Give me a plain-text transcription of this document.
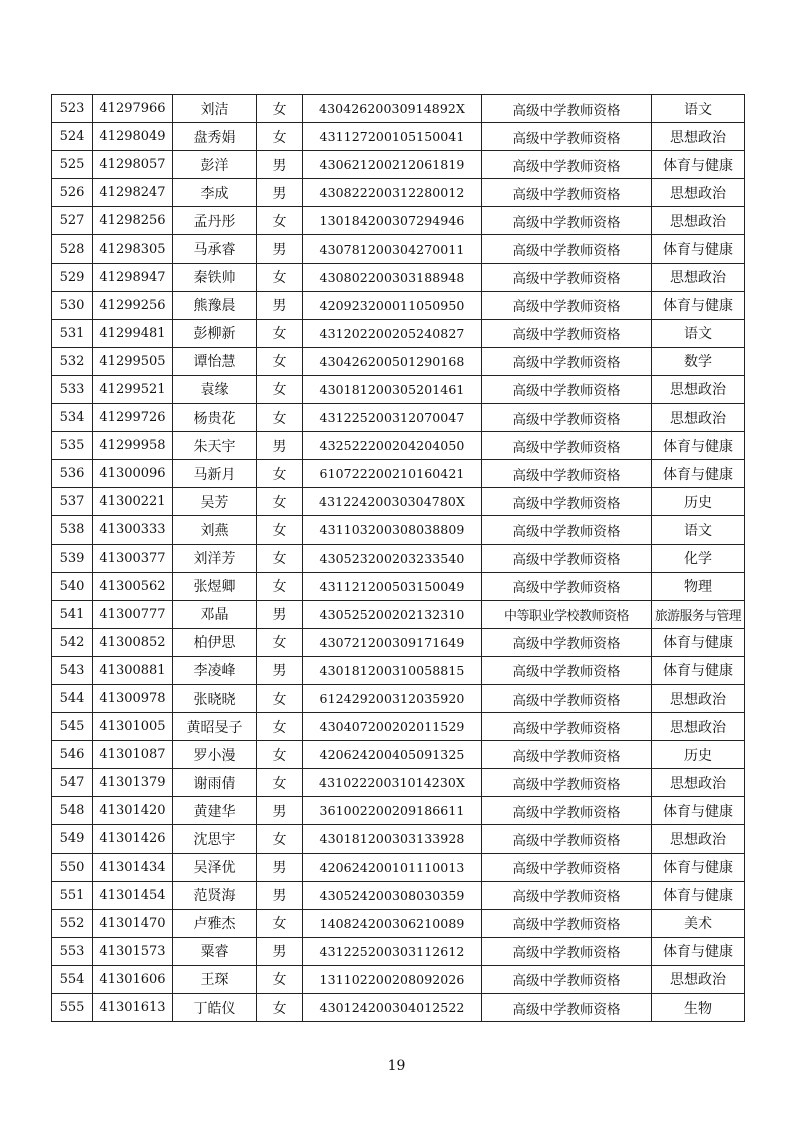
523	41297966	刘洁	女	43042620030914892X	高级中学教师资格	语文
524	41298049	盘秀娟	女	431127200105150041	高级中学教师资格	思想政治
525	41298057	彭洋	男	430621200212061819	高级中学教师资格	体育与健康
526	41298247	李成	男	430822200312280012	高级中学教师资格	思想政治
527	41298256	孟丹彤	女	130184200307294946	高级中学教师资格	思想政治
528	41298305	马承睿	男	430781200304270011	高级中学教师资格	体育与健康
529	41298947	秦铁帅	女	430802200303188948	高级中学教师资格	思想政治
530	41299256	熊豫晨	男	420923200011050950	高级中学教师资格	体育与健康
531	41299481	彭柳新	女	431202200205240827	高级中学教师资格	语文
532	41299505	谭怡慧	女	430426200501290168	高级中学教师资格	数学
533	41299521	袁缘	女	430181200305201461	高级中学教师资格	思想政治
534	41299726	杨贵花	女	431225200312070047	高级中学教师资格	思想政治
535	41299958	朱天宇	男	432522200204204050	高级中学教师资格	体育与健康
536	41300096	马新月	女	610722200210160421	高级中学教师资格	体育与健康
537	41300221	吴芳	女	43122420030304780X	高级中学教师资格	历史
538	41300333	刘燕	女	431103200308038809	高级中学教师资格	语文
539	41300377	刘洋芳	女	430523200203233540	高级中学教师资格	化学
540	41300562	张煜卿	女	431121200503150049	高级中学教师资格	物理
541	41300777	邓晶	男	430525200202132310	中等职业学校教师资格	旅游服务与管理
542	41300852	柏伊思	女	430721200309171649	高级中学教师资格	体育与健康
543	41300881	李凌峰	男	430181200310058815	高级中学教师资格	体育与健康
544	41300978	张晓晓	女	612429200312035920	高级中学教师资格	思想政治
545	41301005	黄昭旻子	女	430407200202011529	高级中学教师资格	思想政治
546	41301087	罗小漫	女	420624200405091325	高级中学教师资格	历史
547	41301379	谢雨倩	女	43102220031014230X	高级中学教师资格	思想政治
548	41301420	黄建华	男	361002200209186611	高级中学教师资格	体育与健康
549	41301426	沈思宇	女	430181200303133928	高级中学教师资格	思想政治
550	41301434	吴泽优	男	420624200101110013	高级中学教师资格	体育与健康
551	41301454	范贤海	男	430524200308030359	高级中学教师资格	体育与健康
552	41301470	卢雅杰	女	140824200306210089	高级中学教师资格	美术
553	41301573	粟睿	男	431225200303112612	高级中学教师资格	体育与健康
554	41301606	王琛	女	131102200208092026	高级中学教师资格	思想政治
555	41301613	丁皓仪	女	430124200304012522	高级中学教师资格	生物
19
